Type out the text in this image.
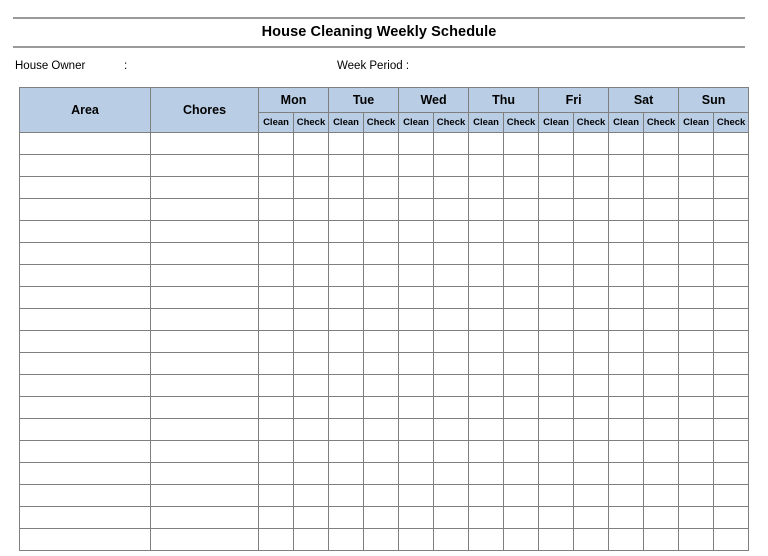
House Cleaning Weekly Schedule
House Owner	:	Week Period :
Area	Chores	Mon		Tue		Wed		Thu		Fri		Sat		Sun	
		Clean	Check	Clean	Check	Clean	Check	Clean	Check	Clean	Check	Clean	Check	Clean	Check
